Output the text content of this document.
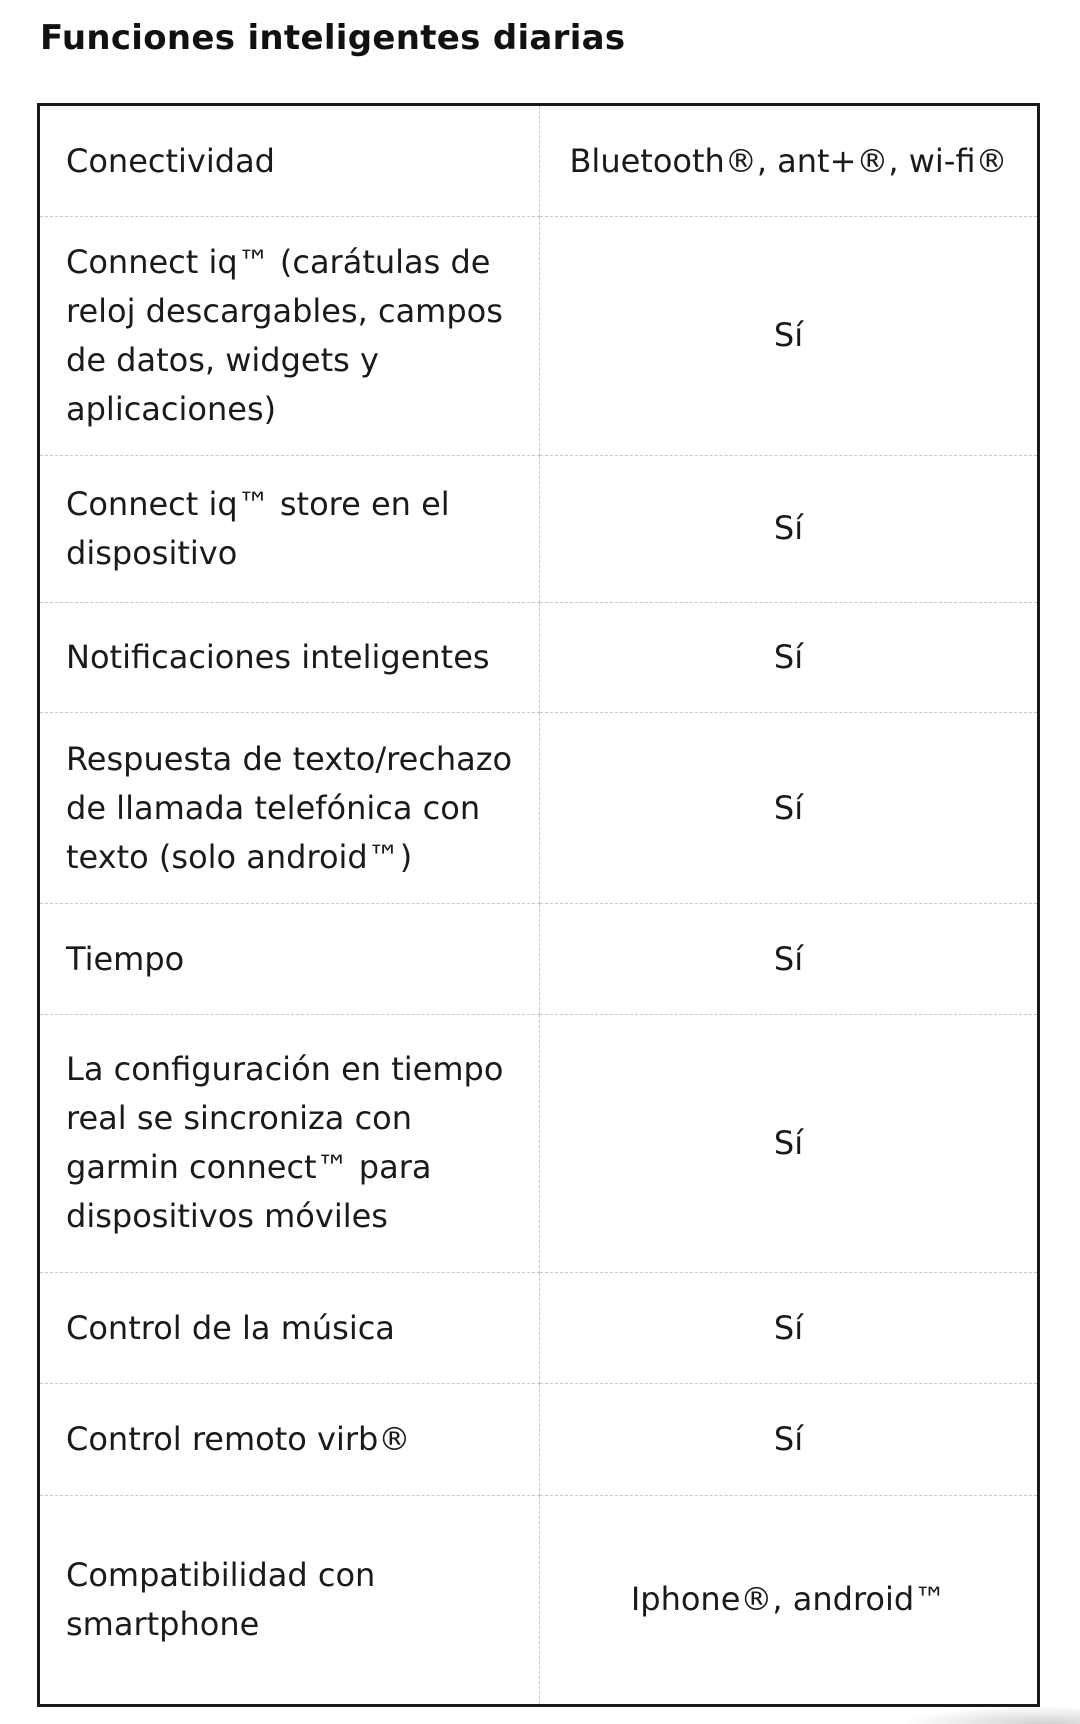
Funciones inteligentes diarias
Conectividad	Bluetooth®, ant+®, wi-fi®
Connect iq™ (carátulas de reloj descargables, campos de datos, widgets y aplicaciones)	Sí
Connect iq™ store en el dispositivo	Sí
Notificaciones inteligentes	Sí
Respuesta de texto/rechazo de llamada telefónica con texto (solo android™)	Sí
Tiempo	Sí
La configuración en tiempo real se sincroniza con garmin connect™ para dispositivos móviles	Sí
Control de la música	Sí
Control remoto virb®	Sí
Compatibilidad con smartphone	Iphone®, android™
